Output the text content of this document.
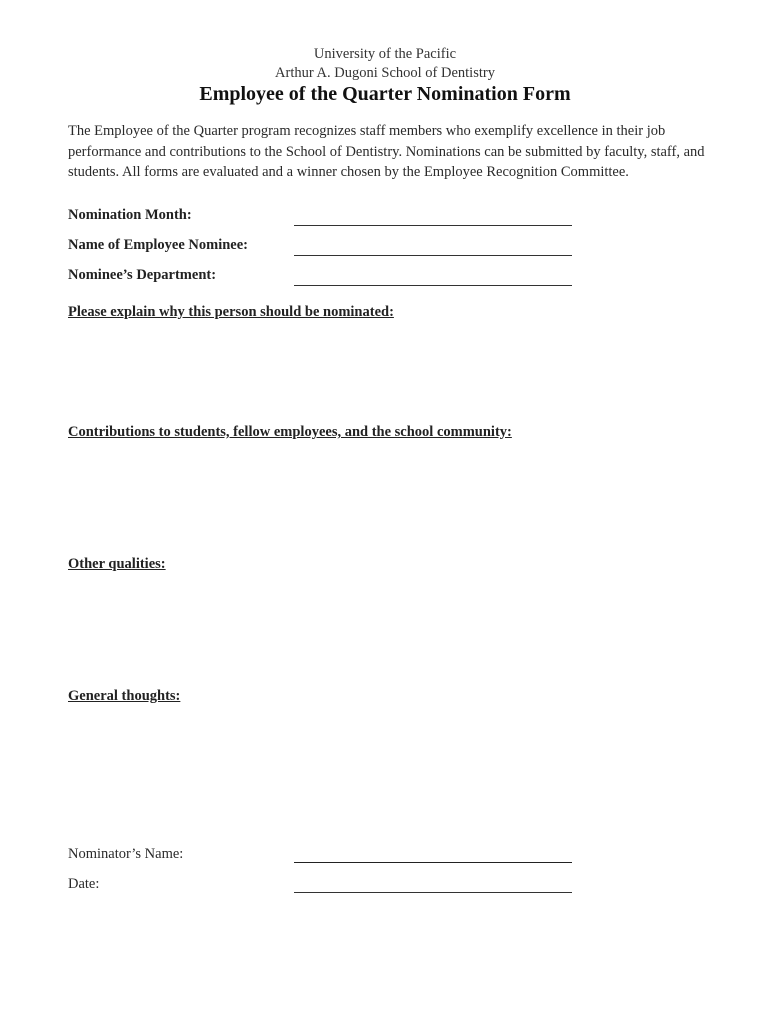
University of the Pacific
Arthur A. Dugoni School of Dentistry
Employee of the Quarter Nomination Form
The Employee of the Quarter program recognizes staff members who exemplify excellence in their job performance and contributions to the School of Dentistry. Nominations can be submitted by faculty, staff, and students. All forms are evaluated and a winner chosen by the Employee Recognition Committee.
Nomination Month:
Name of Employee Nominee:
Nominee’s Department:
Please explain why this person should be nominated:
Contributions to students, fellow employees, and the school community:
Other qualities:
General thoughts:
Nominator’s Name:
Date:
